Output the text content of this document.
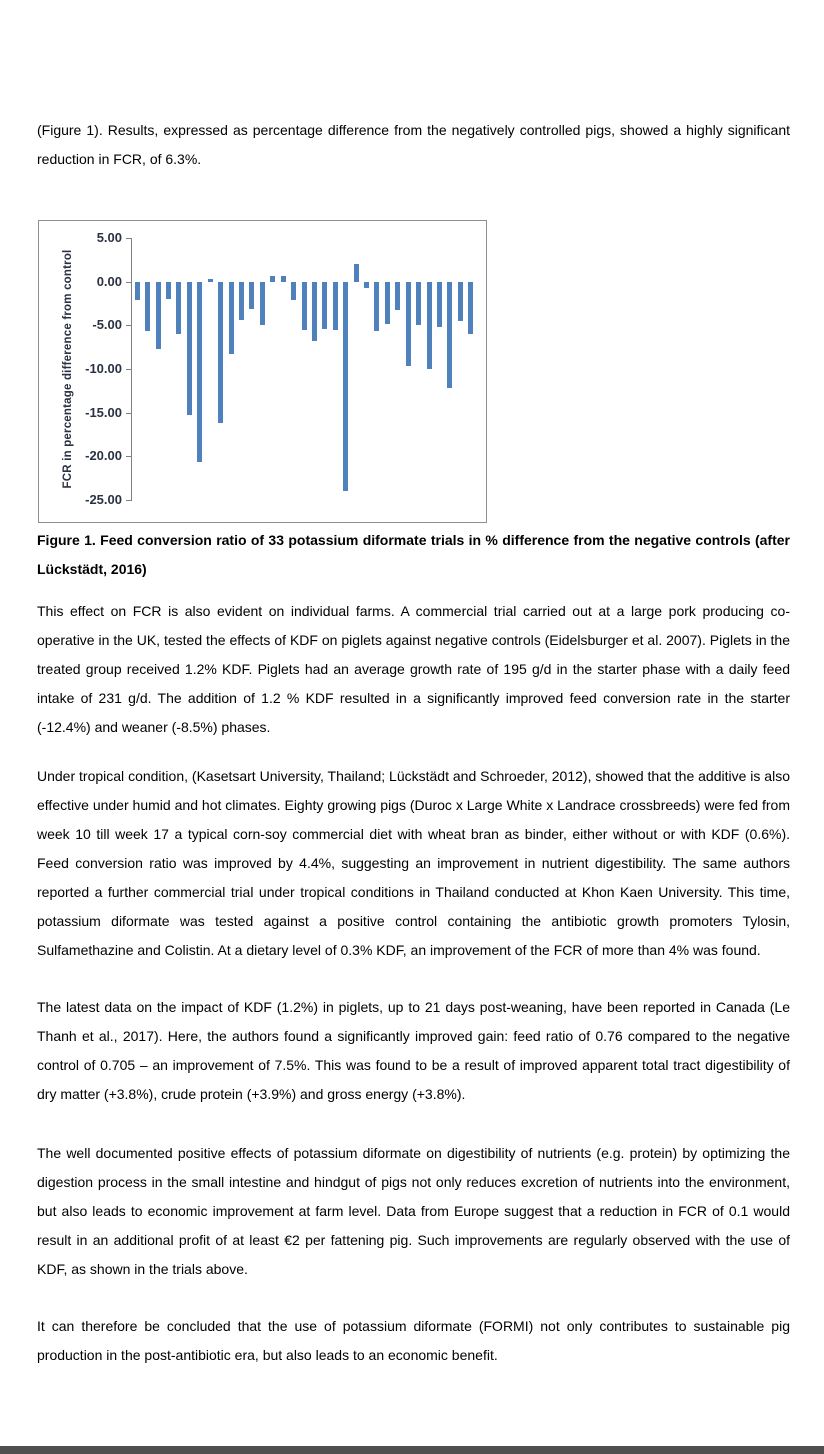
(Figure 1). Results, expressed as percentage difference from the negatively controlled pigs, showed a highly significant reduction in FCR, of 6.3%.
FCR in percentage difference from control
5.00
0.00
-5.00
-10.00
-15.00
-20.00
-25.00
Figure 1. Feed conversion ratio of 33 potassium diformate trials in % difference from the negative controls (after Lückstädt, 2016)
This effect on FCR is also evident on individual farms. A commercial trial carried out at a large pork producing co-operative in the UK, tested the effects of KDF on piglets against negative controls (Eidelsburger et al. 2007). Piglets in the treated group received 1.2% KDF. Piglets had an average growth rate of 195 g/d in the starter phase with a daily feed intake of 231 g/d. The addition of 1.2 % KDF resulted in a significantly improved feed conversion rate in the starter (-12.4%) and weaner (-8.5%) phases.
Under tropical condition, (Kasetsart University, Thailand; Lückstädt and Schroeder, 2012), showed that the additive is also effective under humid and hot climates. Eighty growing pigs (Duroc x Large White x Landrace crossbreeds) were fed from week 10 till week 17 a typical corn-soy commercial diet with wheat bran as binder, either without or with KDF (0.6%). Feed conversion ratio was improved by 4.4%, suggesting an improvement in nutrient digestibility. The same authors reported a further commercial trial under tropical conditions in Thailand conducted at Khon Kaen University. This time, potassium diformate was tested against a positive control containing the antibiotic growth promoters Tylosin, Sulfamethazine and Colistin. At a dietary level of 0.3% KDF, an improvement of the FCR of more than 4% was found.
The latest data on the impact of KDF (1.2%) in piglets, up to 21 days post-weaning, have been reported in Canada (Le Thanh et al., 2017). Here, the authors found a significantly improved gain: feed ratio of 0.76 compared to the negative control of 0.705 – an improvement of 7.5%. This was found to be a result of improved apparent total tract digestibility of dry matter (+3.8%), crude protein (+3.9%) and gross energy (+3.8%).
The well documented positive effects of potassium diformate on digestibility of nutrients (e.g. protein) by optimizing the digestion process in the small intestine and hindgut of pigs not only reduces excretion of nutrients into the environment, but also leads to economic improvement at farm level. Data from Europe suggest that a reduction in FCR of 0.1 would result in an additional profit of at least €2 per fattening pig. Such improvements are regularly observed with the use of KDF, as shown in the trials above.
It can therefore be concluded that the use of potassium diformate (FORMI) not only contributes to sustainable pig production in the post-antibiotic era, but also leads to an economic benefit.
